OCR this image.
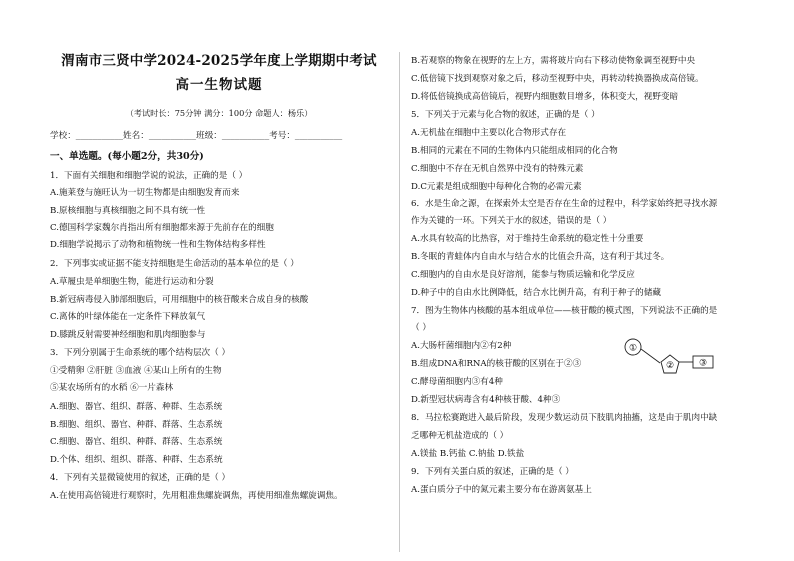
渭南市三贤中学2024-2025学年度上学期期中考试
高一生物试题
（考试时长：75分钟 满分：100分 命题人：杨乐）
学校：___________姓名：___________班级：___________考号：___________
一、单选题。(每小题2分，共30分)
1．下面有关细胞和细胞学说的说法，正确的是（ ）
A.施莱登与施旺认为一切生物都是由细胞发育而来
B.原核细胞与真核细胞之间不具有统一性
C.德国科学家魏尔肖指出所有细胞都来源于先前存在的细胞
D.细胞学说揭示了动物和植物统一性和生物体结构多样性
2．下列事实或证据不能支持细胞是生命活动的基本单位的是（ ）
A.草履虫是单细胞生物，能进行运动和分裂
B.新冠病毒侵入肺部细胞后，可用细胞中的核苷酸来合成自身的核酸
C.离体的叶绿体能在一定条件下释放氧气
D.膝跳反射需要神经细胞和肌肉细胞参与
3．下列分别属于生命系统的哪个结构层次（ ）
①受精卵 ②肝脏 ③血液 ④某山上所有的生物
⑤某农场所有的水稻 ⑥一片森林
A.细胞、器官、组织、群落、种群、生态系统
B.细胞、组织、器官、种群、群落、生态系统
C.细胞、器官、组织、种群、群落、生态系统
D.个体、组织、组织、群落、种群、生态系统
4．下列有关显微镜使用的叙述，正确的是（ ）
A.在使用高倍镜进行观察时，先用粗准焦螺旋调焦，再使用细准焦螺旋调焦。
B.若观察的物象在视野的左上方，需将玻片向右下移动使物象调至视野中央
C.低倍镜下找到观察对象之后，移动至视野中央，再转动转换器换成高倍镜。
D.将低倍镜换成高倍镜后，视野内细胞数目增多，体积变大，视野变暗
5．下列关于元素与化合物的叙述，正确的是（ ）
A.无机盐在细胞中主要以化合物形式存在
B.相同的元素在不同的生物体内只能组成相同的化合物
C.细胞中不存在无机自然界中没有的特殊元素
D.C元素是组成细胞中每种化合物的必需元素
6．水是生命之源，在探索外太空是否存在生命的过程中，科学家始终把寻找水源
作为关键的一环。下列关于水的叙述，错误的是（ ）
A.水具有较高的比热容，对于维持生命系统的稳定性十分重要
B.冬眠的青蛙体内自由水与结合水的比值会升高，这有利于其过冬。
C.细胞内的自由水是良好溶剂，能参与物质运输和化学反应
D.种子中的自由水比例降低，结合水比例升高，有利于种子的储藏
7．图为生物体内核酸的基本组成单位——核苷酸的模式图，下列说法不正确的是
（ ）
A.大肠杆菌细胞内②有2种
B.组成DNA和RNA的核苷酸的区别在于②③
C.酵母菌细胞内③有4种
D.新型冠状病毒含有4种核苷酸、4种③
8．马拉松赛跑进入最后阶段，发现少数运动员下肢肌肉抽搐，这是由于肌肉中缺
乏哪种无机盐造成的（ ）
A.镁盐 B.钙盐 C.钠盐 D.铁盐
9．下列有关蛋白质的叙述，正确的是（ ）
A.蛋白质分子中的氮元素主要分布在游离氨基上
①
②	③
